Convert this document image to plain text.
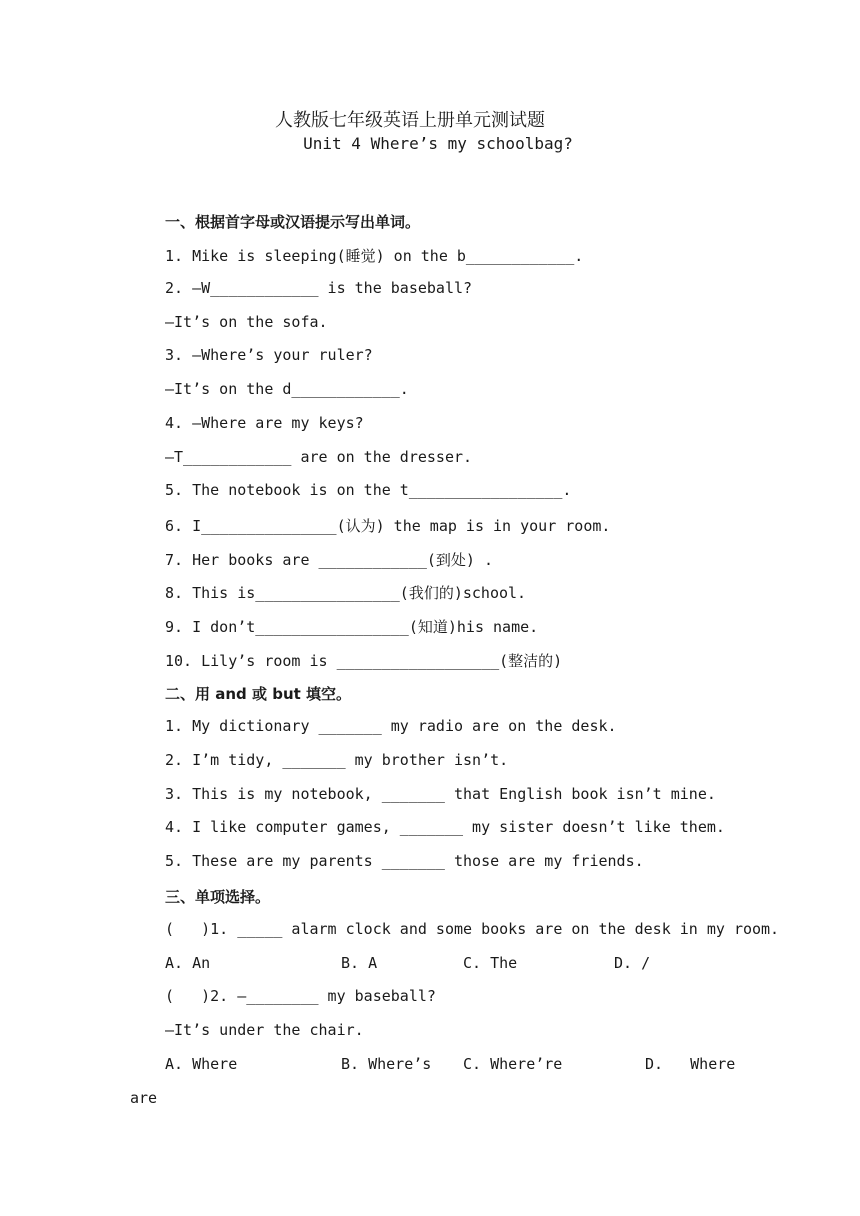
人教版七年级英语上册单元测试题
Unit 4 Where’s my schoolbag?
一、根据首字母或汉语提示写出单词。
1. Mike is sleeping(睡觉) on the b____________.
2. —W____________ is the baseball?
—It’s on the sofa.
3. —Where’s your ruler?
—It’s on the d____________.
4. —Where are my keys?
—T____________ are on the dresser.
5. The notebook is on the t_________________.
6. I_______________(认为) the map is in your room.
7. Her books are ____________(到处) .
8. This is________________(我们的)school.
9. I don’t_________________(知道)his name.
10. Lily’s room is __________________(整洁的)
二、用 and 或 but 填空。
1. My dictionary _______ my radio are on the desk.
2. I’m tidy, _______ my brother isn’t.
3. This is my notebook, _______ that English book isn’t mine.
4. I like computer games, _______ my sister doesn’t like them.
5. These are my parents _______ those are my friends.
三、单项选择。
(   )1. _____ alarm clock and some books are on the desk in my room.
A. An	B. A	C. The	D. /
(   )2. —________ my baseball?
—It’s under the chair.
A. Where	B. Where’s C. Where’re	D.   Where
are
